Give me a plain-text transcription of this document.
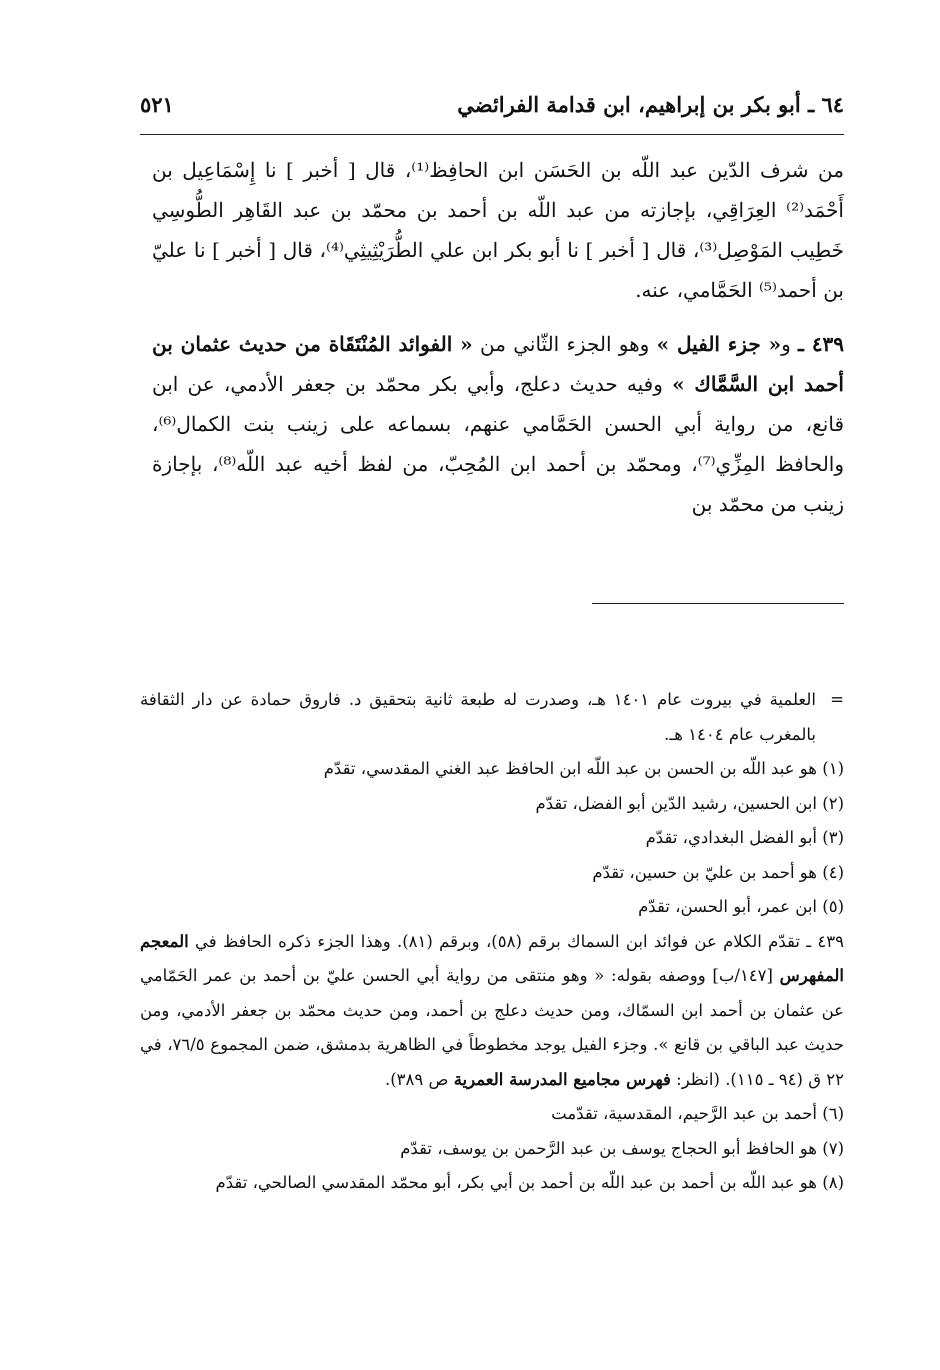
٦٤ ـ أبو بكر بن إبراهيم، ابن قدامة الفرائضي
٥٢١

من شرف الدّين عبد اللّه بن الحَسَن ابن الحافِظ⁽¹⁾، قال [ أخبر ] نا إِسْمَاعِيل بن أَحْمَد⁽²⁾ العِرَاقِي، بإجازته من عبد اللّه بن أحمد بن محمّد بن عبد القَاهِر الطُّوسِي خَطِيب المَوْصِل⁽³⁾، قال [ أخبر ] نا أبو بكر ابن علي الطُّرَيْثِيثِي⁽⁴⁾، قال [ أخبر ] نا عليّ بن أحمد⁽⁵⁾ الحَمَّامي، عنه.

٤٣٩ ـ و« جزء الفيل » وهو الجزء الثّاني من « الفوائد المُنْتَقَاة من حديث عثمان بن أحمد ابن السَّمَّاك » وفيه حديث دعلج، وأبي بكر محمّد بن جعفر الأدمي، عن ابن قانع، من رواية أبي الحسن الحَمَّامي عنهم، بسماعه على زينب بنت الكمال⁽⁶⁾، والحافظ المِزِّي⁽⁷⁾، ومحمّد بن أحمد ابن المُحِبّ، من لفظ أخيه عبد اللّه⁽⁸⁾، بإجازة زينب من محمّد بن

=العلمية في بيروت عام ١٤٠١ هـ، وصدرت له طبعة ثانية بتحقيق د. فاروق حمادة عن دار الثقافة بالمغرب عام ١٤٠٤ هـ.
(١) هو عبد اللّه بن الحسن بن عبد اللّه ابن الحافظ عبد الغني المقدسي، تقدّم
(٢) ابن الحسين، رشيد الدّين أبو الفضل، تقدّم
(٣) أبو الفضل البغدادي، تقدّم
(٤) هو أحمد بن عليّ بن حسين، تقدّم
(٥) ابن عمر، أبو الحسن، تقدّم
٤٣٩ ـ تقدّم الكلام عن فوائد ابن السماك برقم (٥٨)، وبرقم (٨١). وهذا الجزء ذكره الحافظ في المعجم المفهرس [١٤٧/ب] ووصفه بقوله: « وهو منتقى من رواية أبي الحسن عليّ بن أحمد بن عمر الحَمّامي عن عثمان بن أحمد ابن السمّاك، ومن حديث دعلج بن أحمد، ومن حديث محمّد بن جعفر الأدمي، ومن حديث عبد الباقي بن قانع ». وجزء الفيل يوجد مخطوطاً في الظاهرية بدمشق، ضمن المجموع ٧٦/٥، في ٢٢ ق (٩٤ ـ ١١٥). (انظر: فهرس مجاميع المدرسة العمرية ص ٣٨٩).
(٦) أحمد بن عبد الرَّحيم، المقدسية، تقدّمت
(٧) هو الحافظ أبو الحجاج يوسف بن عبد الرَّحمن بن يوسف، تقدّم
(٨) هو عبد اللّه بن أحمد بن عبد اللّه بن أحمد بن أبي بكر، أبو محمّد المقدسي الصالحي، تقدّم
